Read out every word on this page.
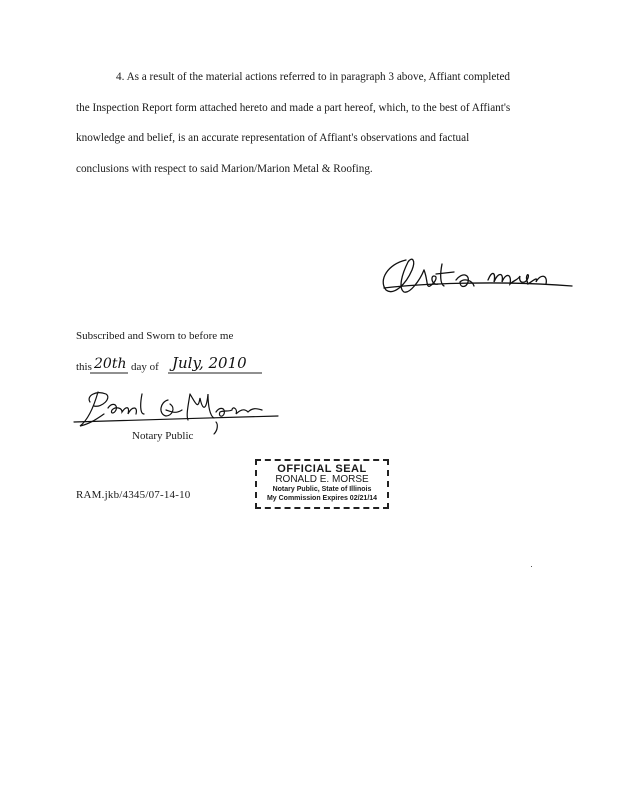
4. As a result of the material actions referred to in paragraph 3 above, Affiant completed
the Inspection Report form attached hereto and made a part hereof, which, to the best of Affiant's
knowledge and belief, is an accurate representation of Affiant's observations and factual
conclusions with respect to said Marion/Marion Metal & Roofing.
Subscribed and Sworn to before me
this 20th day of July, 2010
Notary Public
RAM.jkb/4345/07-14-10
OFFICIAL SEAL
RONALD E. MORSE
Notary Public, State of Illinois
My Commission Expires 02/21/14
